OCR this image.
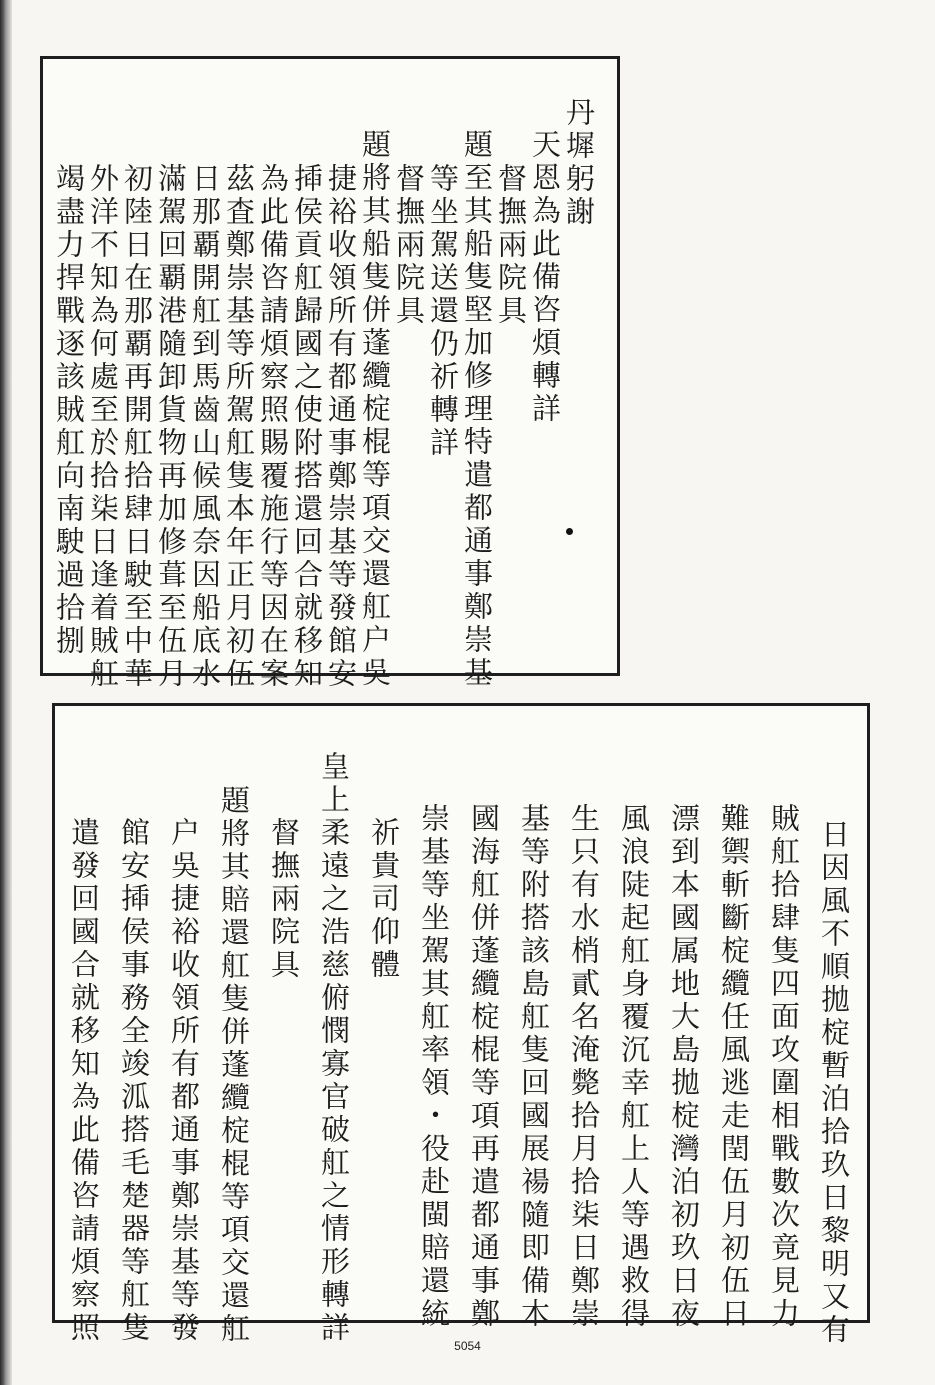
丹墀躬謝
天恩為此備咨煩轉詳
督撫兩院具
題至其船隻堅加修理特遣都通事鄭崇基
等坐駕送還仍祈轉詳
督撫兩院具
題將其船隻併蓬纜椗棍等項交還舡户吳
捷裕收領所有都通事鄭崇基等發館安
揷侯貢舡歸國之使附搭還回合就移知
為此備咨請煩察照賜覆施行等因在案
茲査鄭崇基等所駕舡隻本年正月初伍
日那覇開舡到馬齒山候風奈因船底水
滿駕回覇港隨卸貨物再加修葺至伍月
初陸日在那覇再開舡拾肆日駛至中華
外洋不知為何處至於拾柒日逢着賊舡
竭盡力捍戰逐該賊舡向南駛過拾捌
日因風不順拋椗暫泊拾玖日黎明又有
賊舡拾肆隻四面攻圍相戰數次竟見力
難禦斬斷椗纜任風逃走閏伍月初伍日
漂到本國属地大島拋椗灣泊初玖日夜
風浪陡起舡身覆沉幸舡上人等遇救得
生只有水梢貳名淹斃拾月拾柒日鄭崇
基等附搭該島舡隻回國展禓隨即備木
國海舡併蓬纜椗棍等項再遣都通事鄭
崇基等坐駕其舡率領・役赴閩賠還統
祈貴司仰體
皇上柔遠之浩慈俯憫寡官破舡之情形轉詳
督撫兩院具
題將其賠還舡隻併蓬纜椗棍等項交還舡
户吳捷裕收領所有都通事鄭崇基等發
館安揷侯事務全竣泒搭毛楚器等舡隻
遣發回國合就移知為此備咨請煩察照
5054
